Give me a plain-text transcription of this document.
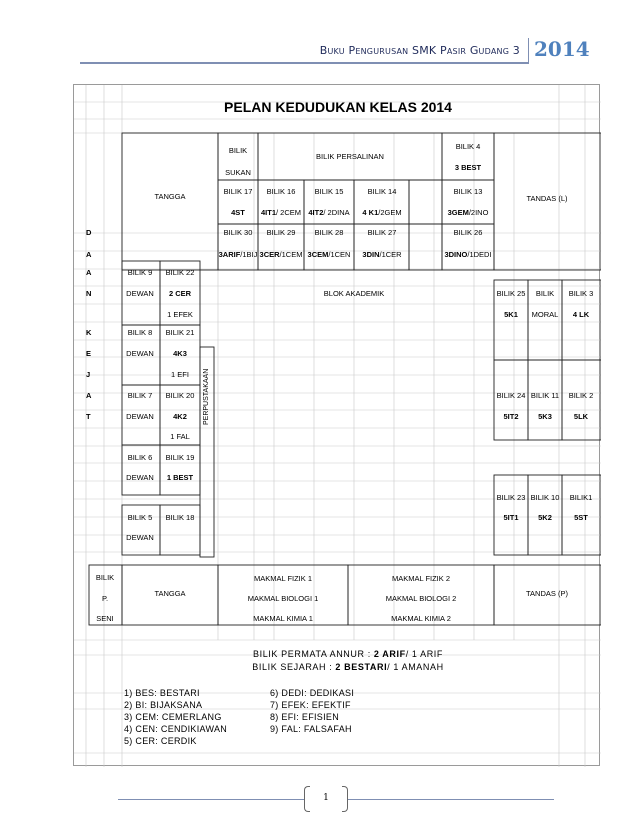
Buku Pengurusan SMK Pasir Gudang 3 2014
PELAN KEDUDUKAN KELAS 2014
TANGGA
BILIK
SUKAN
BILIK PERSALINAN
BILIK 4
3 BEST
TANDAS (L)
BILIK 17 BILIK 16	BILIK 15	BILIK 14	BILIK 13
4ST 4IT1/ 2CEM 4IT2/ 2DINA 4 K1/2GEM	3GEM/2INO
BILIK 30 BILIK 29	BILIK 28	BILIK 27	BILIK 26
3ARIF/1BIJ 3CER/1CEM 3CEM/1CEN 3DIN/1CER	3DINO/1DEDI
D
A
A
N
K
E
J
A
T
BILIK 9 BILIK 22
DEWAN 2 CER
1 EFEK
BILIK 8 BILIK 21
DEWAN	4K3
1 EFI
BILIK 7 BILIK 20
DEWAN	4K2
1 FAL
BILIK 6 BILIK 19
DEWAN 1 BEST
BILIK 5 BILIK 18
DEWAN
PERPUSTAKAAN
BLOK AKADEMIK	BILIK 25 BILIK BILIK 3
5K1 MORAL 4 LK
BILIK 24 BILIK 11 BILIK 2
5IT2	5K3	5LK
BILIK 23 BILIK 10 BILIK1
5IT1	5K2	5ST
BILIK
P.
SENI
TANGGA
MAKMAL FIZIK 1	MAKMAL FIZIK 2
MAKMAL BIOLOGI 1	MAKMAL BIOLOGI 2
MAKMAL KIMIA 1	MAKMAL KIMIA 2
TANDAS (P)
BILIK PERMATA ANNUR : 2 ARIF/ 1 ARIF
BILIK SEJARAH : 2 BESTARI/ 1 AMANAH
1) BES: BESTARI
2) BI: BIJAKSANA
3) CEM: CEMERLANG
4) CEN: CENDIKIAWAN
5) CER: CERDIK
6) DEDI: DEDIKASI
7) EFEK: EFEKTIF
8) EFI: EFISIEN
9) FAL: FALSAFAH
1
